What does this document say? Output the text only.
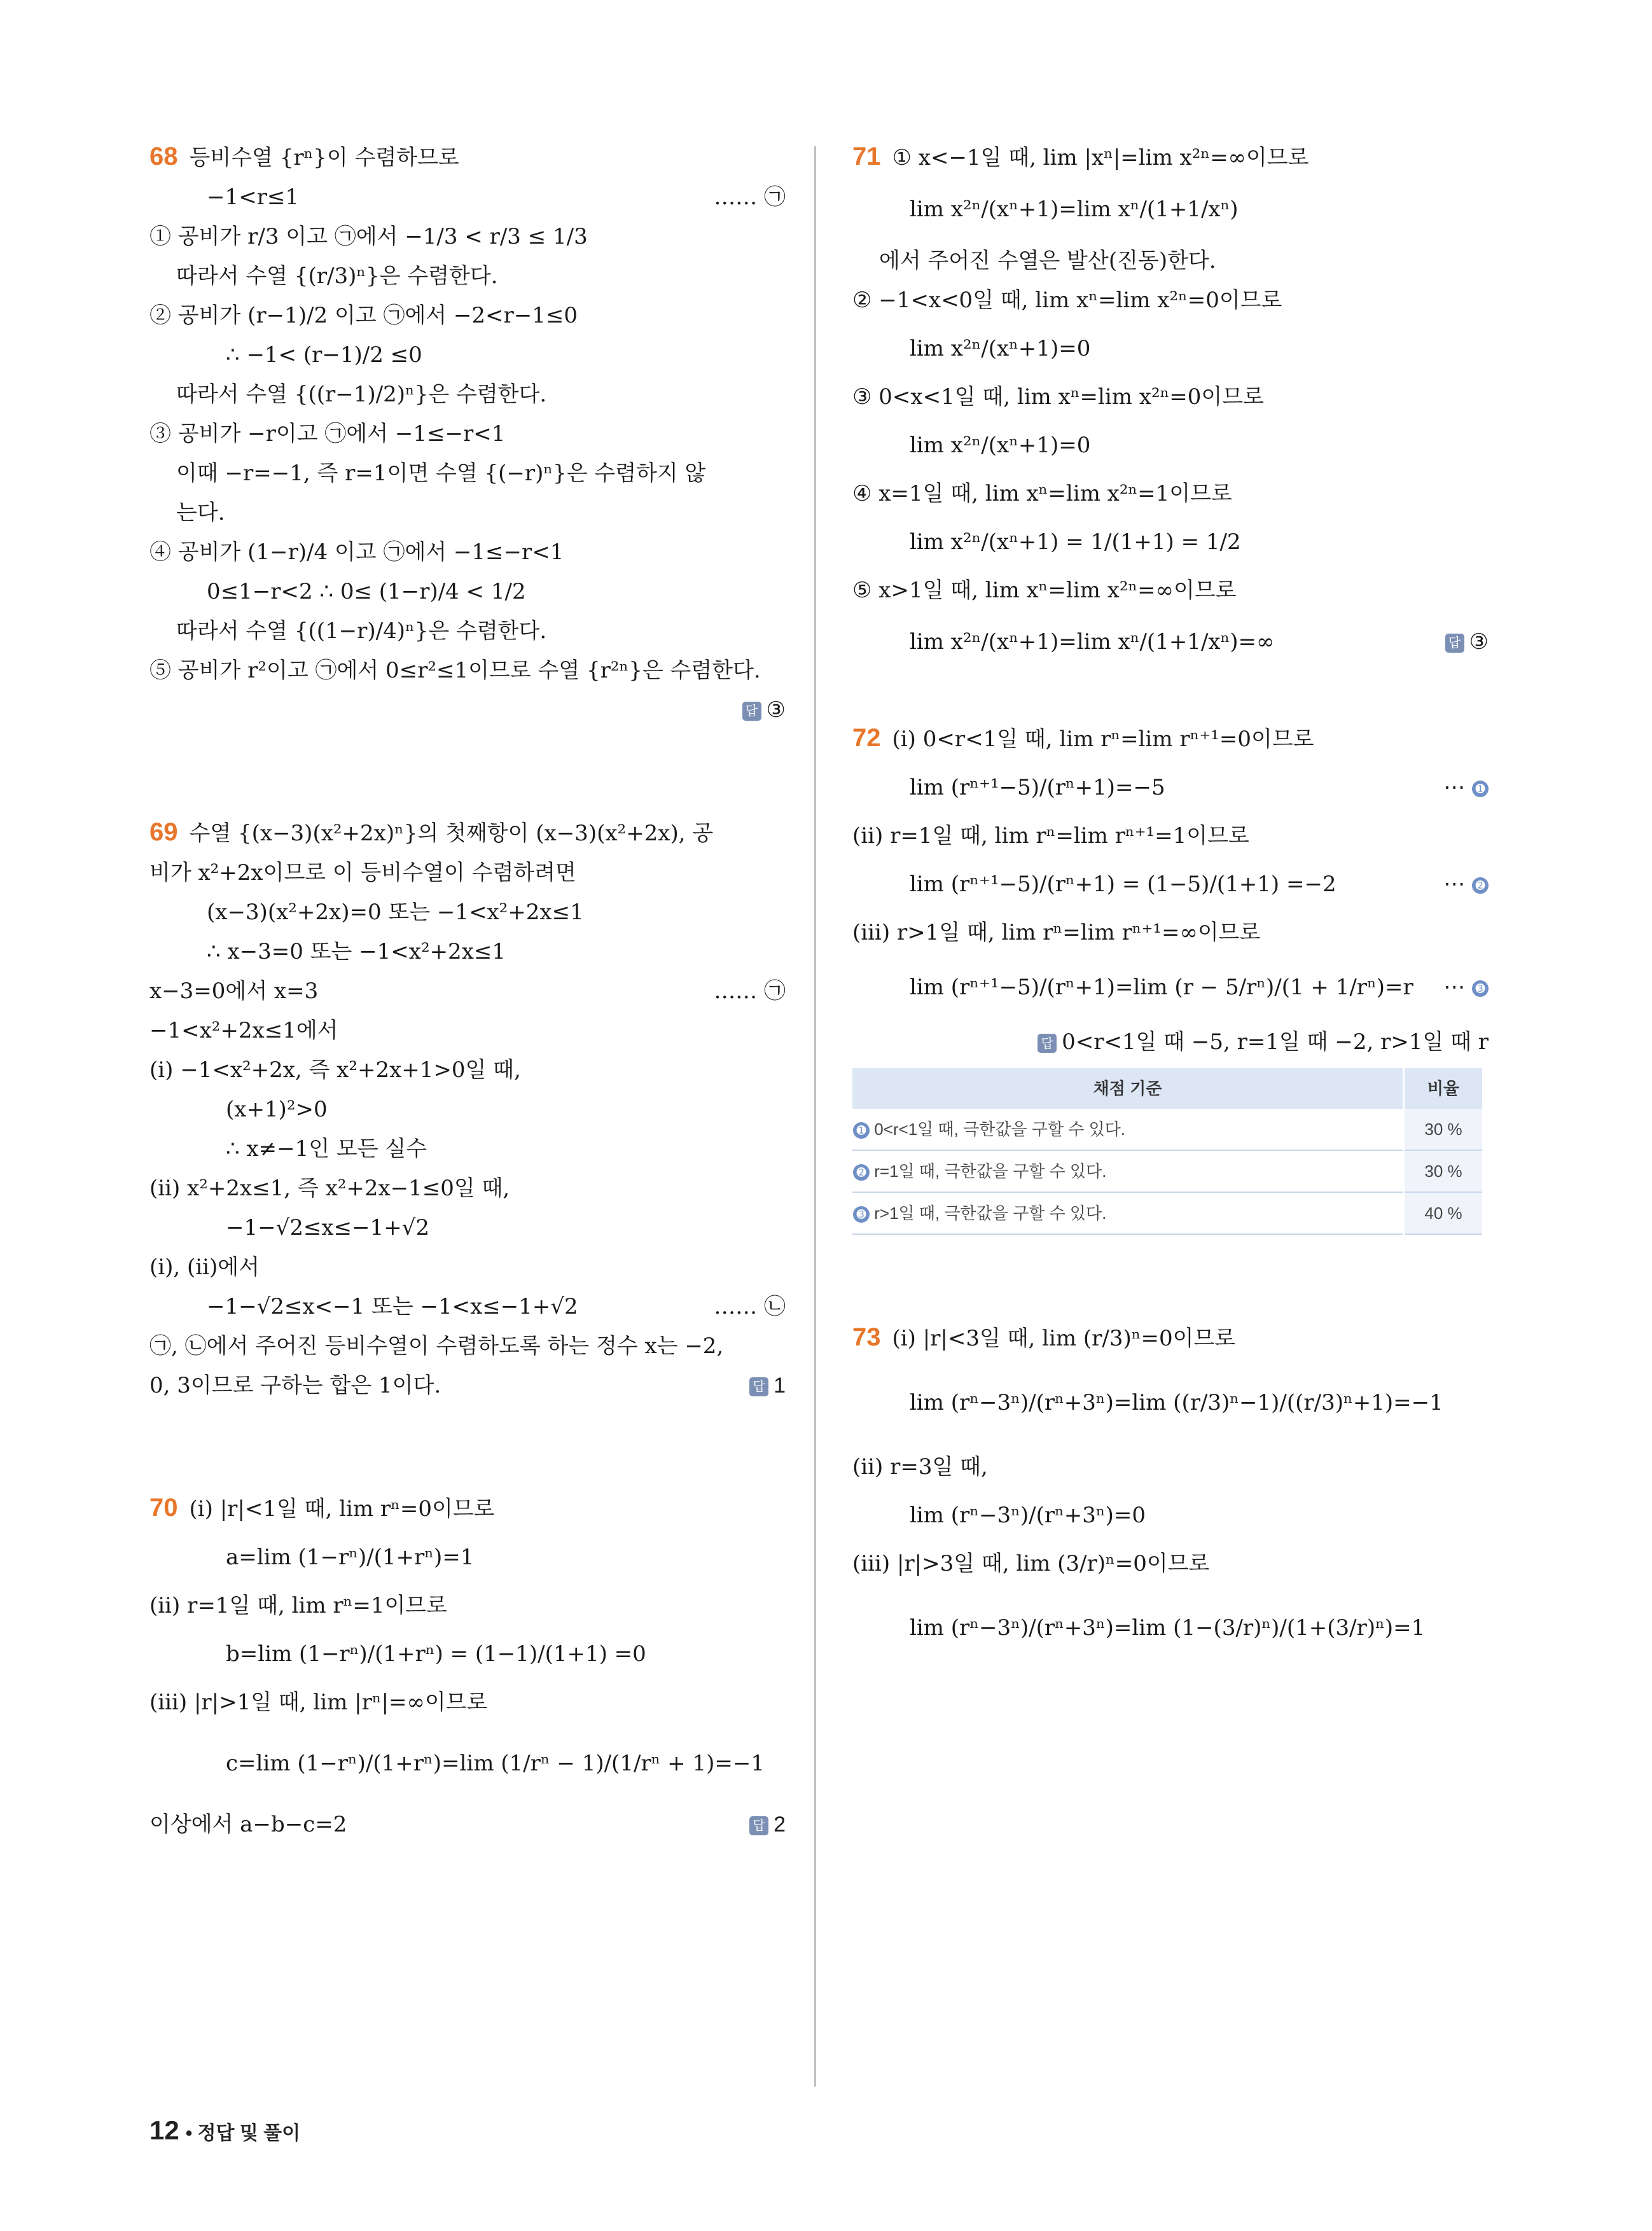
68 등비수열 {rⁿ}이 수렴하므로
−1<r≤1	…… ㉠
① 공비가 r/3 이고 ㉠에서 −1/3 < r/3 ≤ 1/3
따라서 수열 {(r/3)ⁿ}은 수렴한다.
② 공비가 (r−1)/2 이고 ㉠에서 −2<r−1≤0
∴ −1< (r−1)/2 ≤0
따라서 수열 {((r−1)/2)ⁿ}은 수렴한다.
③ 공비가 −r이고 ㉠에서 −1≤−r<1
이때 −r=−1, 즉 r=1이면 수열 {(−r)ⁿ}은 수렴하지 않
는다.
④ 공비가 (1−r)/4 이고 ㉠에서 −1≤−r<1
0≤1−r<2 ∴ 0≤ (1−r)/4 < 1/2
따라서 수열 {((1−r)/4)ⁿ}은 수렴한다.
⑤ 공비가 r²이고 ㉠에서 0≤r²≤1이므로 수열 {r²ⁿ}은 수렴한다.
답 ③

69 수열 {(x−3)(x²+2x)ⁿ}의 첫째항이 (x−3)(x²+2x), 공
비가 x²+2x이므로 이 등비수열이 수렴하려면
(x−3)(x²+2x)=0 또는 −1<x²+2x≤1
∴ x−3=0 또는 −1<x²+2x≤1
x−3=0에서 x=3	…… ㉠
−1<x²+2x≤1에서
(ⅰ) −1<x²+2x, 즉 x²+2x+1>0일 때,
(x+1)²>0
∴ x≠−1인 모든 실수
(ⅱ) x²+2x≤1, 즉 x²+2x−1≤0일 때,
−1−√2≤x≤−1+√2
(ⅰ), (ⅱ)에서
−1−√2≤x<−1 또는 −1<x≤−1+√2	…… ㉡
㉠, ㉡에서 주어진 등비수열이 수렴하도록 하는 정수 x는 −2,
0, 3이므로 구하는 합은 1이다.	답 1
70 (ⅰ) |r|<1일 때, lim rⁿ=0이므로
a=lim (1−rⁿ)/(1+rⁿ)=1
(ⅱ) r=1일 때, lim rⁿ=1이므로
b=lim (1−rⁿ)/(1+rⁿ) = (1−1)/(1+1) =0
(ⅲ) |r|>1일 때, lim |rⁿ|=∞이므로
c=lim (1−rⁿ)/(1+rⁿ)=lim (1/rⁿ − 1)/(1/rⁿ + 1)=−1
이상에서 a−b−c=2	답 2
71 ① x<−1일 때, lim |xⁿ|=lim x²ⁿ=∞이므로
lim x²ⁿ/(xⁿ+1)=lim xⁿ/(1+1/xⁿ)
에서 주어진 수열은 발산(진동)한다.
② −1<x<0일 때, lim xⁿ=lim x²ⁿ=0이므로
lim x²ⁿ/(xⁿ+1)=0
③ 0<x<1일 때, lim xⁿ=lim x²ⁿ=0이므로
lim x²ⁿ/(xⁿ+1)=0
④ x=1일 때, lim xⁿ=lim x²ⁿ=1이므로
lim x²ⁿ/(xⁿ+1) = 1/(1+1) = 1/2
⑤ x>1일 때, lim xⁿ=lim x²ⁿ=∞이므로
lim x²ⁿ/(xⁿ+1)=lim xⁿ/(1+1/xⁿ)=∞	답 ③
72 (ⅰ) 0<r<1일 때, lim rⁿ=lim rⁿ⁺¹=0이므로
lim (rⁿ⁺¹−5)/(rⁿ+1)=−5	⋯ ➊
(ⅱ) r=1일 때, lim rⁿ=lim rⁿ⁺¹=1이므로
lim (rⁿ⁺¹−5)/(rⁿ+1) = (1−5)/(1+1) =−2	⋯ ➋
(ⅲ) r>1일 때, lim rⁿ=lim rⁿ⁺¹=∞이므로
lim (rⁿ⁺¹−5)/(rⁿ+1)=lim (r − 5/rⁿ)/(1 + 1/rⁿ)=r ⋯ ➌
답 0<r<1일 때 −5, r=1일 때 −2, r>1일 때 r
채점 기준	비율
➊ 0<r<1일 때, 극한값을 구할 수 있다.	30 %
➋ r=1일 때, 극한값을 구할 수 있다.	30 %
➌ r>1일 때, 극한값을 구할 수 있다.	40 %
73 (ⅰ) |r|<3일 때, lim (r/3)ⁿ=0이므로
lim (rⁿ−3ⁿ)/(rⁿ+3ⁿ)=lim ((r/3)ⁿ−1)/((r/3)ⁿ+1)=−1
(ⅱ) r=3일 때,
lim (rⁿ−3ⁿ)/(rⁿ+3ⁿ)=0
(ⅲ) |r|>3일 때, lim (3/r)ⁿ=0이므로
lim (rⁿ−3ⁿ)/(rⁿ+3ⁿ)=lim (1−(3/r)ⁿ)/(1+(3/r)ⁿ)=1
12 • 정답 및 풀이
